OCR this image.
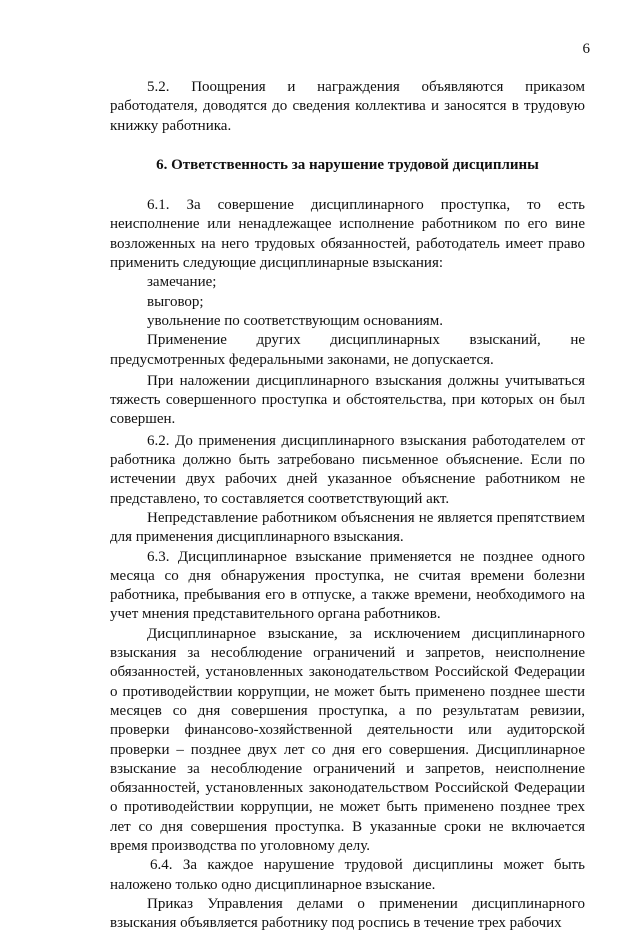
6

5.2. Поощрения и награждения объявляются приказом работодателя, доводятся до сведения коллектива и заносятся в трудовую книжку работника.

6. Ответственность за нарушение трудовой дисциплины

6.1. За совершение дисциплинарного проступка, то есть неисполнение или ненадлежащее исполнение работником по его вине возложенных на него трудовых обязанностей, работодатель имеет право применить следующие дисциплинарные взыскания:

замечание;

выговор;

увольнение по соответствующим основаниям.

Применение других дисциплинарных взысканий, не предусмотренных федеральными законами, не допускается.

При наложении дисциплинарного взыскания должны учитываться тяжесть совершенного проступка и обстоятельства, при которых он был совершен.

6.2. До применения дисциплинарного взыскания работодателем от работника должно быть затребовано письменное объяснение. Если по истечении двух рабочих дней указанное объяснение работником не представлено, то составляется соответствующий акт.

Непредставление работником объяснения не является препятствием для применения дисциплинарного взыскания.

6.3. Дисциплинарное взыскание применяется не позднее одного месяца со дня обнаружения проступка, не считая времени болезни работника, пребывания его в отпуске, а также времени, необходимого на учет мнения представительного органа работников.

Дисциплинарное взыскание, за исключением дисциплинарного взыскания за несоблюдение ограничений и запретов, неисполнение обязанностей, установленных законодательством Российской Федерации о противодействии коррупции, не может быть применено позднее шести месяцев со дня совершения проступка, а по результатам ревизии, проверки финансово-хозяйственной деятельности или аудиторской проверки – позднее двух лет со дня его совершения. Дисциплинарное взыскание за несоблюдение ограничений и запретов, неисполнение обязанностей, установленных законодательством Российской Федерации о противодействии коррупции, не может быть применено позднее трех лет со дня совершения проступка. В указанные сроки не включается время производства по уголовному делу.

6.4. За каждое нарушение трудовой дисциплины может быть наложено только одно дисциплинарное взыскание.

Приказ Управления делами о применении дисциплинарного взыскания объявляется работнику под роспись в течение трех рабочих
